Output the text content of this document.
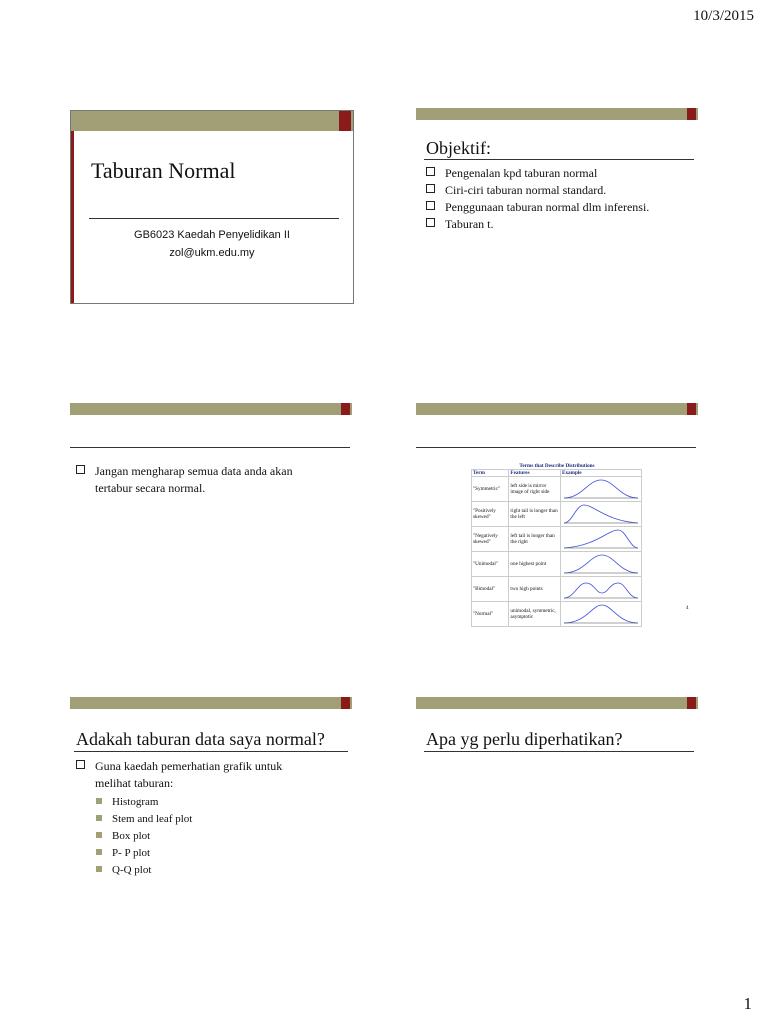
10/3/2015
Taburan Normal
GB6023 Kaedah Penyelidikan II
zol@ukm.edu.my
Objektif:
Pengenalan kpd taburan normal
Ciri-ciri taburan normal standard.
Penggunaan taburan normal dlm inferensi.
Taburan t.
Jangan mengharap semua data anda akan
tertabur secara normal.
Terms that Describe Distributions
Term	Features	Example
"Symmetric"	left side is mirror image of right side	
"Positively skewed"	right tail is longer than the left	
"Negatively skewed"	left tail is longer than the right	
"Unimodal"	one highest point	
"Bimodal"	two high points	
"Normal"	unimodal, symmetric, asymptotic	
4
Adakah taburan data saya normal?
Guna kaedah pemerhatian grafik untuk
melihat taburan:
Histogram
Stem and leaf plot
Box plot
P- P plot
Q-Q plot
Apa yg perlu diperhatikan?
1
